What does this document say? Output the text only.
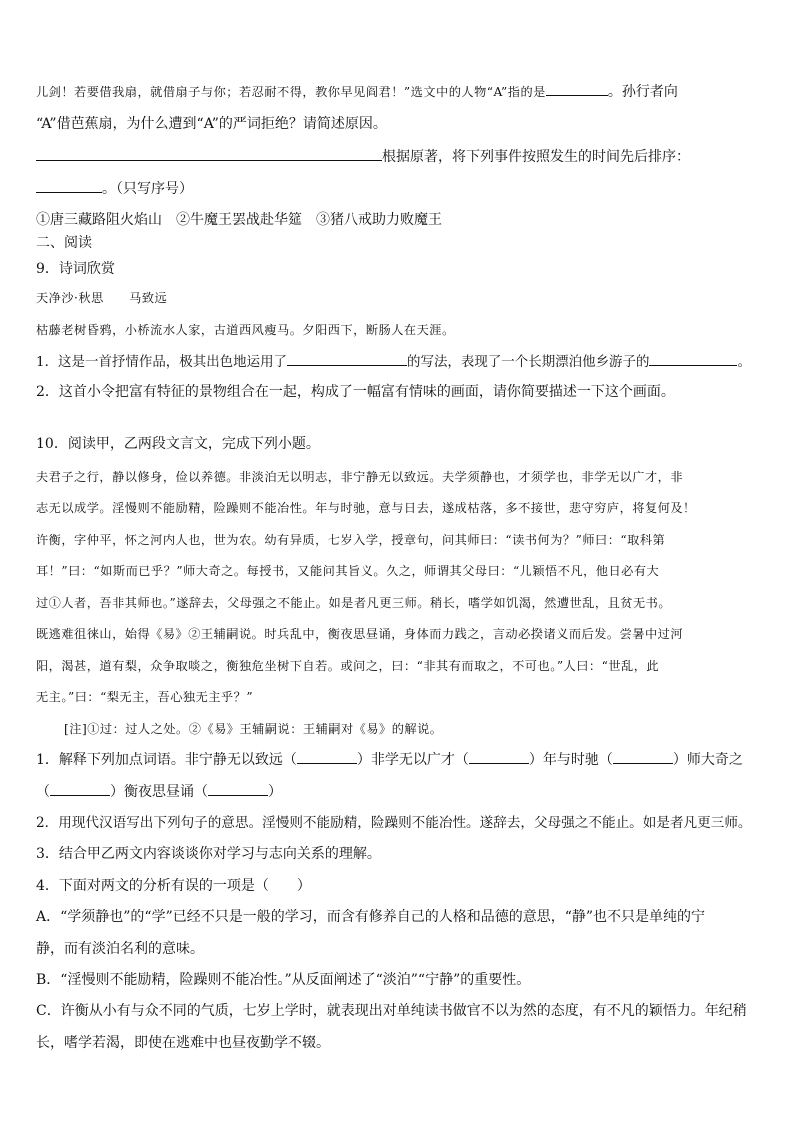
儿剑！若要借我扇，就借扇子与你；若忍耐不得，教你早见阎君！”选文中的人物“A”指的是	。孙行者向
“A”借芭蕉扇，为什么遭到“A”的严词拒绝？请简述原因。
根据原著，将下列事件按照发生的时间先后排序：
。（只写序号）
①唐三藏路阻火焰山　②牛魔王罢战赴华筵　③猪八戒助力败魔王
二、阅读
9．诗词欣赏
天净沙·秋思　　马致远
枯藤老树昏鸦，小桥流水人家，古道西风瘦马。夕阳西下，断肠人在天涯。
1．这是一首抒情作品，极其出色地运用了	的写法，表现了一个长期漂泊他乡游子的	。
2．这首小令把富有特征的景物组合在一起，构成了一幅富有情味的画面，请你简要描述一下这个画面。
10．阅读甲，乙两段文言文，完成下列小题。
夫君子之行，静以修身，俭以养德。非淡泊无以明志，非宁静无以致远。夫学须静也，才须学也，非学无以广才，非
志无以成学。淫慢则不能励精，险躁则不能冶性。年与时驰，意与日去，遂成枯落，多不接世，悲守穷庐，将复何及！
许衡，字仲平，怀之河内人也，世为农。幼有异质，七岁入学，授章句，问其师曰：“读书何为？”师曰：“取科第
耳！”曰：“如斯而已乎？”师大奇之。每授书，又能问其旨义。久之，师谓其父母曰：“儿颖悟不凡，他日必有大
过①人者，吾非其师也。”遂辞去，父母强之不能止。如是者凡更三师。稍长，嗜学如饥渴，然遭世乱，且贫无书。
既逃难徂徕山，始得《易》②王辅嗣说。时兵乱中，衡夜思昼诵，身体而力践之，言动必揆诸义而后发。尝暑中过河
阳，渴甚，道有梨，众争取啖之，衡独危坐树下自若。或问之，曰：“非其有而取之，不可也。”人曰：“世乱，此
无主。”曰：“梨无主，吾心独无主乎？”
[注]①过：过人之处。②《易》王辅嗣说：王辅嗣对《易》的解说。
1．解释下列加点词语。非宁静无以致远（	）非学无以广才（	）年与时驰（	）师大奇之
（	）衡夜思昼诵（	）
2．用现代汉语写出下列句子的意思。淫慢则不能励精，险躁则不能冶性。遂辞去，父母强之不能止。如是者凡更三师。
3．结合甲乙两文内容谈谈你对学习与志向关系的理解。
4．下面对两文的分析有误的一项是（　　）
A．“学须静也”的“学”已经不只是一般的学习，而含有修养自己的人格和品德的意思，“静”也不只是单纯的宁
静，而有淡泊名利的意味。
B．“淫慢则不能励精，险躁则不能冶性。”从反面阐述了“淡泊”“宁静”的重要性。
C．许衡从小有与众不同的气质，七岁上学时，就表现出对单纯读书做官不以为然的态度，有不凡的颖悟力。年纪稍
长，嗜学若渴，即使在逃难中也昼夜勤学不辍。
